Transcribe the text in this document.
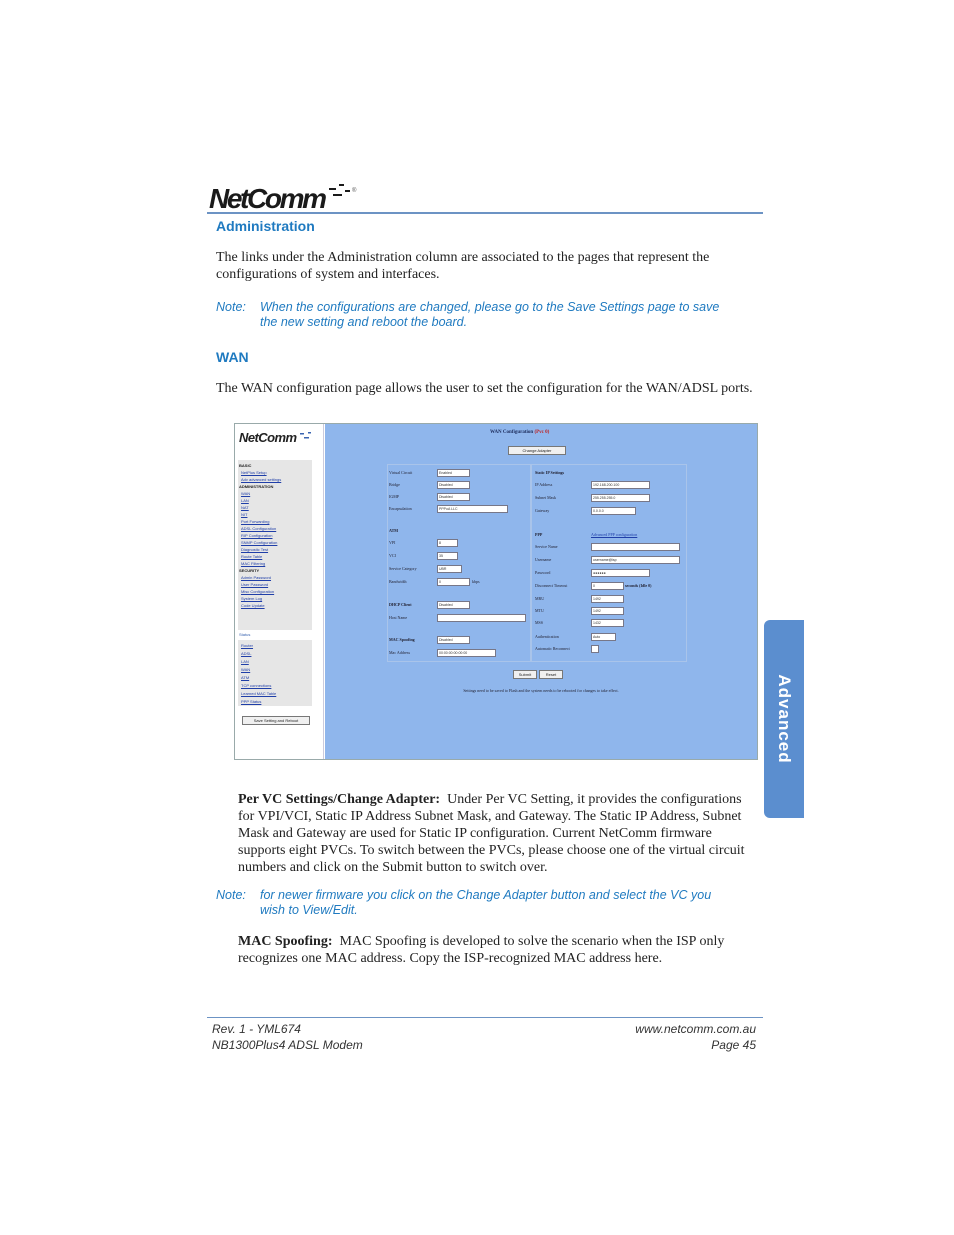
NetComm	®
Administration
The links under the Administration column are associated to the pages that represent the
configurations of system and interfaces.
Note: When the configurations are changed, please go to the Save Settings page to save
the new setting and reboot the board.
WAN
The WAN configuration page allows the user to set the configuration for the WAN/ADSL ports.
NetComm
BASIC
NetPlus Setup
Adv advanced settings
ADMINISTRATION
WAN
LAN
NAT
NIT
Port Forwarding
ADSL Configuration
RIP Configuration
SNMP Configuration
Diagnostic Test
Route Table
MAC Filtering
SECURITY
Admin Password
User Password
Misc Configuration
System Log
Code Update
Status
Router
ADSL
LAN
WAN
ATM
TCP connections
Learned MAC Table
PPP Status
Save Setting and Reboot
WAN Configuration (Pvc 0)
Change Adapter
Virtual Circuit	Enabled
Bridge	Disabled
IGMP	Disabled
Encapsulation	PPPoA LLC
ATM
VPI	8
VCI	35
Service Category	UBR
Bandwidth	0	kbps
DHCP Client	Disabled
Host Name
MAC Spoofing	Disabled
Mac Address	00:00:00:00:00:00
Static IP Settings
IP Address	192.168.200.100
Subnet Mask	255.255.255.0
Gateway	0.0.0.0
PPP	Advanced PPP configuration
Service Name
Username	username@isp
Password	●●●●●●
Disconnect Timeout	0	seconds (Idle 0)
MRU	1492
MTU	1492
MSS	1432
Authentication	Auto
Automatic Reconnect
Submit	Reset
Settings need to be saved to Flash and the system needs to be rebooted for changes to take effect.
Per VC Settings/Change Adapter: Under Per VC Setting, it provides the configurations
for VPI/VCI, Static IP Address Subnet Mask, and Gateway. The Static IP Address, Subnet
Mask and Gateway are used for Static IP configuration. Current NetComm firmware
supports eight PVCs. To switch between the PVCs, please choose one of the virtual circuit
numbers and click on the Submit button to switch over.
Note: for newer firmware you click on the Change Adapter button and select the VC you
wish to View/Edit.
MAC Spoofing: MAC Spoofing is developed to solve the scenario when the ISP only
recognizes one MAC address. Copy the ISP-recognized MAC address here.
Advanced
Rev. 1 - YML674
NB1300Plus4 ADSL Modem
www.netcomm.com.au
Page 45
